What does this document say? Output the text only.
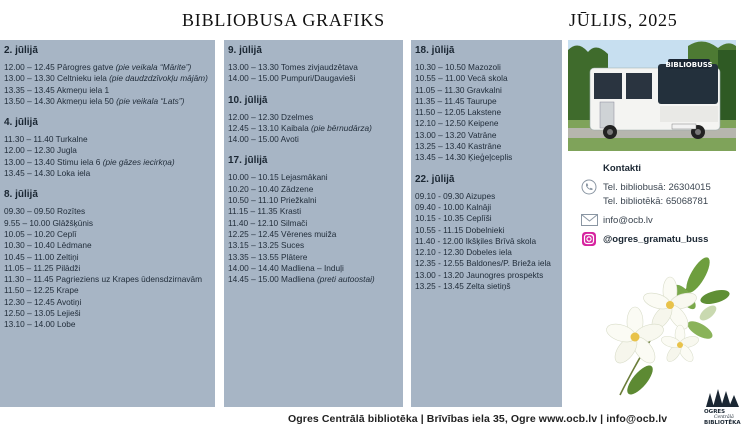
BIBLIOBUSA GRAFIKS	JŪLIJS, 2025
2. jūlijā
12.00 – 12.45 Pārogres gatve (pie veikala “Mārite”)
13.00 – 13.30 Celtnieku iela (pie daudzdzīvokļu mājām)
13.35 – 13.45 Akmeņu iela 1
13.50 – 14.30 Akmeņu iela 50 (pie veikala “Lats”)
4. jūlijā
11.30 – 11.40 Turkalne
12.00 – 12.30 Jugla
13.00 – 13.40 Stimu iela 6 (pie gāzes iecirkņa)
13.45 – 14.30 Loka iela
8. jūlijā
09.30 – 09.50 Rozītes
9.55 – 10.00 Glāžšķūnis
10.05 – 10.20 Ceplī
10.30 – 10.40 Lēdmane
10.45 – 11.00 Zeltiņi
11.05 – 11.25 Pilādži
11.30 – 11.45 Pagrieziens uz Krapes ūdensdzirnavām
11.50 – 12.25 Krape
12.30 – 12.45 Avotiņi
12.50 – 13.05 Lejieši
13.10 – 14.00 Lobe
9. jūlijā
13.00 – 13.30 Tomes zivjaudzētava
14.00 – 15.00 Pumpuri/Daugavieši
10. jūlijā
12.00 – 12.30 Dzelmes
12.45 – 13.10 Kaibala (pie bērnudārza)
14.00 – 15.00 Avoti
17. jūlijā
10.00 – 10.15 Lejasmākani
10.20 – 10.40 Zādzene
10.50 – 11.10 Priežkalni
11.15 – 11.35 Krasti
11.40 – 12.10 Silmači
12.25 – 12.45 Vērenes muiža
13.15 – 13.25 Suces
13.35 – 13.55 Plātere
14.00 – 14.40 Madliena – Induļi
14.45 – 15.00 Madliena (preti autoostai)
18. jūlijā
10.30 – 10.50 Mazozoli
10.55 – 11.00 Vecā skola
11.05 – 11.30 Gravkalni
11.35 – 11.45 Taurupe
11.50 – 12.05 Lakstene
12.10 – 12.50 Keipene
13.00 – 13.20 Vatrāne
13.25 – 13.40 Kastrāne
13.45 – 14.30 Ķieģeļceplis
22. jūlijā
09.10 - 09.30 Aizupes
09.40 - 10.00 Kalnāji
10.15 - 10.35 Ceplīši
10.55 - 11.15 Dobelnieki
11.40 - 12.00 Ikšķiles Brīvā skola
12.10 - 12.30 Dobeles iela
12.35 - 12.55 Baldones/P. Brieža iela
13.00 - 13.20 Jaunogres prospekts
13.25 - 13.45 Zelta sietiņš
BIBLIOBUSS
Kontakti
Tel. bibliobusā: 26304015
Tel. bibliotēkā: 65068781
info@ocb.lv
@ogres_gramatu_buss
OGRES
Centrālā
BIBLIOTĒKA
Ogres Centrālā bibliotēka | Brīvības iela 35, Ogre www.ocb.lv | info@ocb.lv
